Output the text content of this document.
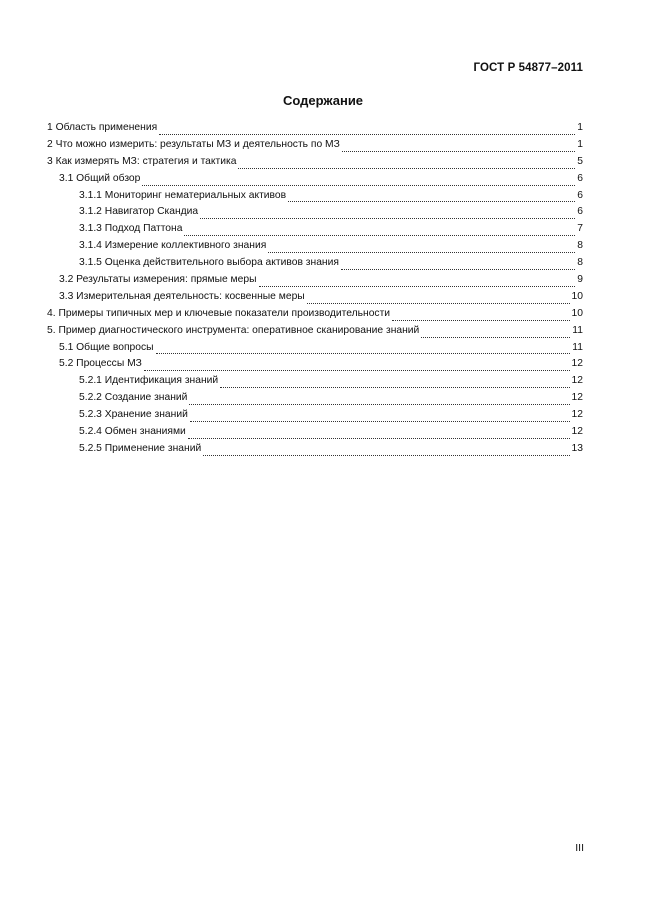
ГОСТ Р 54877–2011
Содержание
1 Область применения	1
2 Что можно измерить: результаты МЗ и деятельность по МЗ	1
3 Как измерять МЗ: стратегия и тактика	5
3.1 Общий обзор	6
3.1.1 Мониторинг нематериальных активов	6
3.1.2 Навигатор Скандиа	6
3.1.3 Подход Паттона	7
3.1.4 Измерение коллективного знания	8
3.1.5 Оценка действительного выбора активов знания	8
3.2 Результаты измерения: прямые меры	9
3.3 Измерительная деятельность: косвенные меры	10
4. Примеры типичных мер и ключевые показатели производительности	10
5. Пример диагностического инструмента: оперативное сканирование знаний	11
5.1 Общие вопросы	11
5.2 Процессы МЗ	12
5.2.1 Идентификация знаний	12
5.2.2 Создание знаний	12
5.2.3 Хранение знаний	12
5.2.4 Обмен знаниями	12
5.2.5 Применение знаний	13
III
